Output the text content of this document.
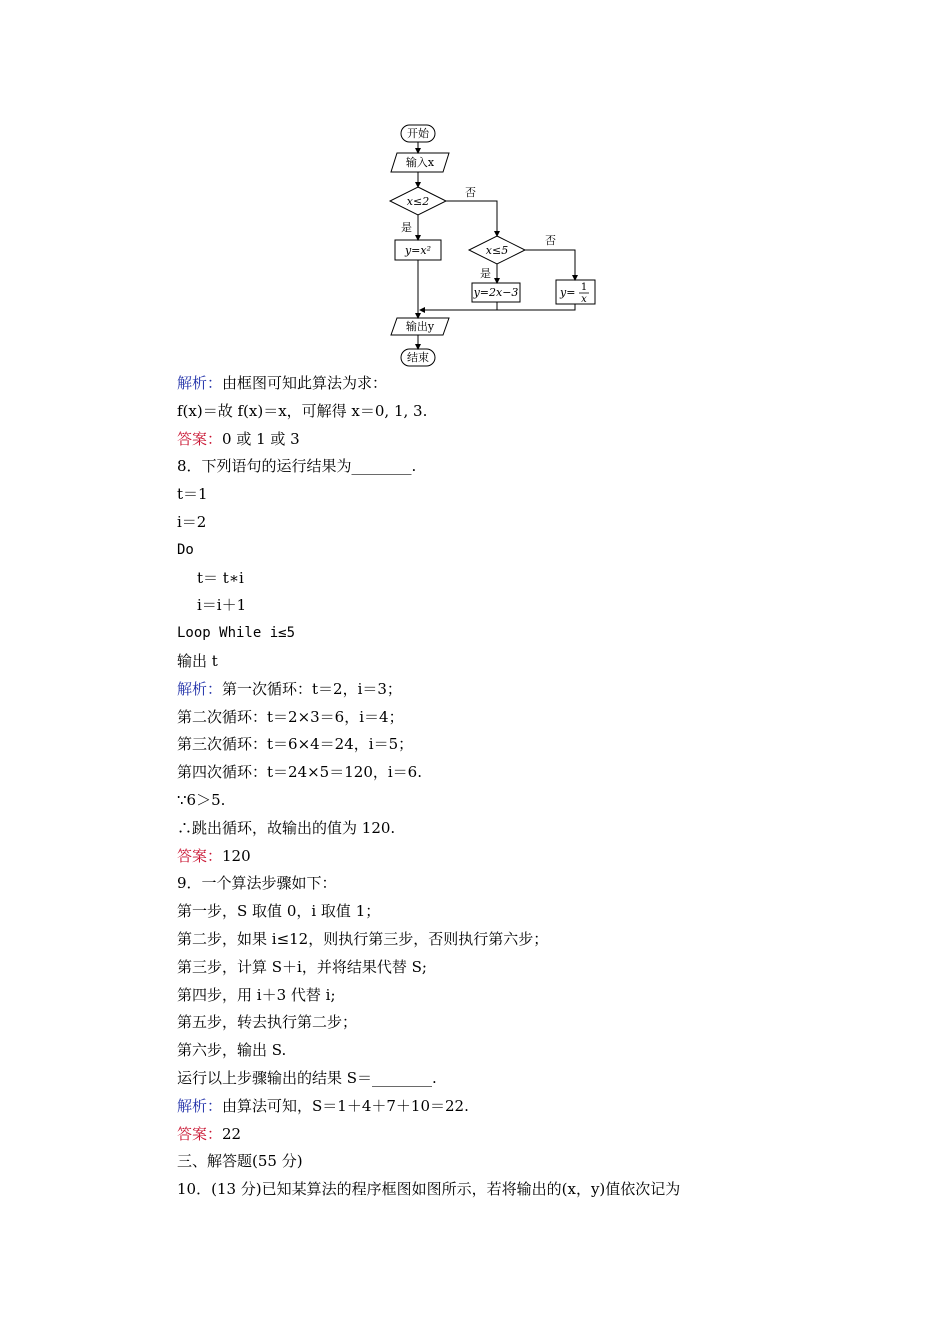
开始
输入x
x≤2
否
是
y=x²	x≤5
否
是
y=2x−3	y= 1
x
输出y
结束
解析：由框图可知此算法为求：
f(x)＝故 f(x)＝x，可解得 x＝0, 1, 3.
答案：0 或 1 或 3
8．下列语句的运行结果为________.
t＝1
i＝2
Do
t＝ t∗i
i＝i＋1
Loop While i≤5
输出 t
解析：第一次循环：t＝2，i＝3；
第二次循环：t＝2×3＝6，i＝4；
第三次循环：t＝6×4＝24，i＝5；
第四次循环：t＝24×5＝120，i＝6.
∵6＞5.
∴跳出循环，故输出的值为 120.
答案：120
9．一个算法步骤如下：
第一步，S 取值 0，i 取值 1；
第二步，如果 i≤12，则执行第三步，否则执行第六步；
第三步，计算 S＋i，并将结果代替 S;
第四步，用 i＋3 代替 i;
第五步，转去执行第二步；
第六步，输出 S.
运行以上步骤输出的结果 S＝________.
解析：由算法可知，S＝1＋4＋7＋10＝22.
答案：22
三、解答题(55 分)
10．(13 分)已知某算法的程序框图如图所示，若将输出的(x，y)值依次记为
